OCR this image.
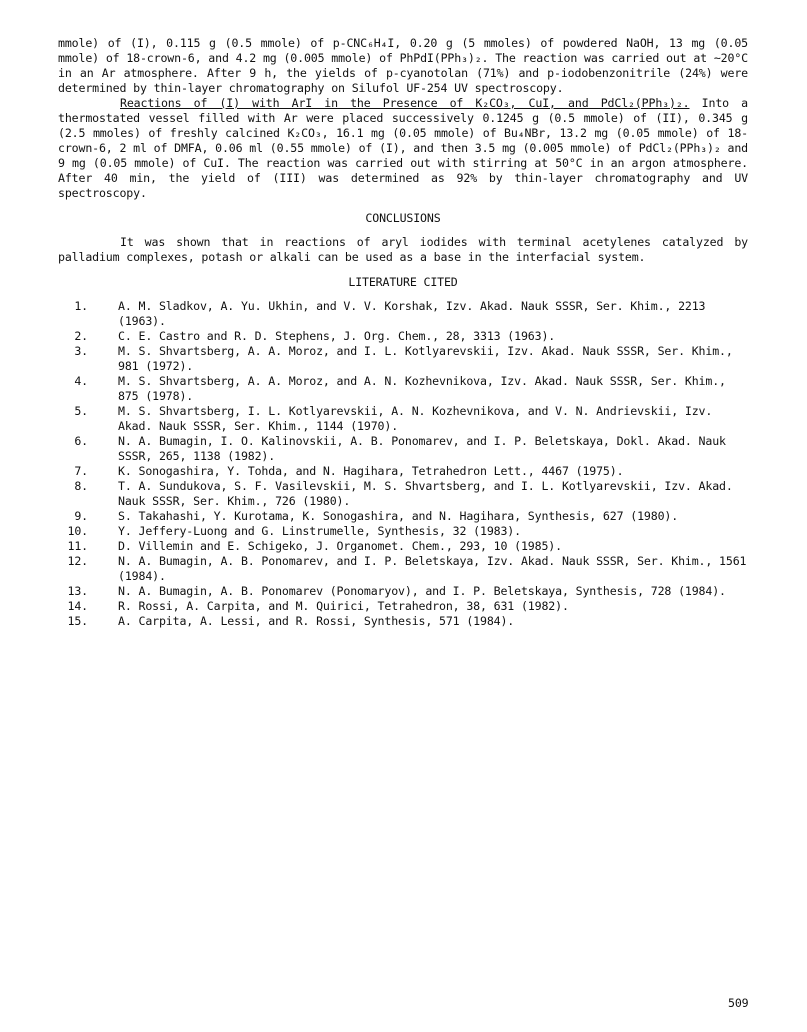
mmole) of (I), 0.115 g (0.5 mmole) of p-CNC₆H₄I, 0.20 g (5 mmoles) of powdered NaOH, 13 mg (0.05 mmole) of 18-crown-6, and 4.2 mg (0.005 mmole) of PhPdI(PPh₃)₂. The reaction was carried out at ~20°C in an Ar atmosphere. After 9 h, the yields of p-cyanotolan (71%) and p-iodobenzonitrile (24%) were determined by thin-layer chromatography on Silufol UF-254 UV spectroscopy.

Reactions of (I) with ArI in the Presence of K₂CO₃, CuI, and PdCl₂(PPh₃)₂. Into a thermostated vessel filled with Ar were placed successively 0.1245 g (0.5 mmole) of (II), 0.345 g (2.5 mmoles) of freshly calcined K₂CO₃, 16.1 mg (0.05 mmole) of Bu₄NBr, 13.2 mg (0.05 mmole) of 18-crown-6, 2 ml of DMFA, 0.06 ml (0.55 mmole) of (I), and then 3.5 mg (0.005 mmole) of PdCl₂(PPh₃)₂ and 9 mg (0.05 mmole) of CuI. The reaction was carried out with stirring at 50°C in an argon atmosphere. After 40 min, the yield of (III) was determined as 92% by thin-layer chromatography and UV spectroscopy.

CONCLUSIONS

It was shown that in reactions of aryl iodides with terminal acetylenes catalyzed by palladium complexes, potash or alkali can be used as a base in the interfacial system.

LITERATURE CITED

1.	A. M. Sladkov, A. Yu. Ukhin, and V. V. Korshak, Izv. Akad. Nauk SSSR, Ser. Khim., 2213 (1963).
2.	C. E. Castro and R. D. Stephens, J. Org. Chem., 28, 3313 (1963).
3.	M. S. Shvartsberg, A. A. Moroz, and I. L. Kotlyarevskii, Izv. Akad. Nauk SSSR, Ser. Khim., 981 (1972).
4.	M. S. Shvartsberg, A. A. Moroz, and A. N. Kozhevnikova, Izv. Akad. Nauk SSSR, Ser. Khim., 875 (1978).
5.	M. S. Shvartsberg, I. L. Kotlyarevskii, A. N. Kozhevnikova, and V. N. Andrievskii, Izv. Akad. Nauk SSSR, Ser. Khim., 1144 (1970).
6.	N. A. Bumagin, I. O. Kalinovskii, A. B. Ponomarev, and I. P. Beletskaya, Dokl. Akad. Nauk SSSR, 265, 1138 (1982).
7.	K. Sonogashira, Y. Tohda, and N. Hagihara, Tetrahedron Lett., 4467 (1975).
8.	T. A. Sundukova, S. F. Vasilevskii, M. S. Shvartsberg, and I. L. Kotlyarevskii, Izv. Akad. Nauk SSSR, Ser. Khim., 726 (1980).
9.	S. Takahashi, Y. Kurotama, K. Sonogashira, and N. Hagihara, Synthesis, 627 (1980).
10.	Y. Jeffery-Luong and G. Linstrumelle, Synthesis, 32 (1983).
11.	D. Villemin and E. Schigeko, J. Organomet. Chem., 293, 10 (1985).
12.	N. A. Bumagin, A. B. Ponomarev, and I. P. Beletskaya, Izv. Akad. Nauk SSSR, Ser. Khim., 1561 (1984).
13.	N. A. Bumagin, A. B. Ponomarev (Ponomaryov), and I. P. Beletskaya, Synthesis, 728 (1984).
14.	R. Rossi, A. Carpita, and M. Quirici, Tetrahedron, 38, 631 (1982).
15.	A. Carpita, A. Lessi, and R. Rossi, Synthesis, 571 (1984).
509
